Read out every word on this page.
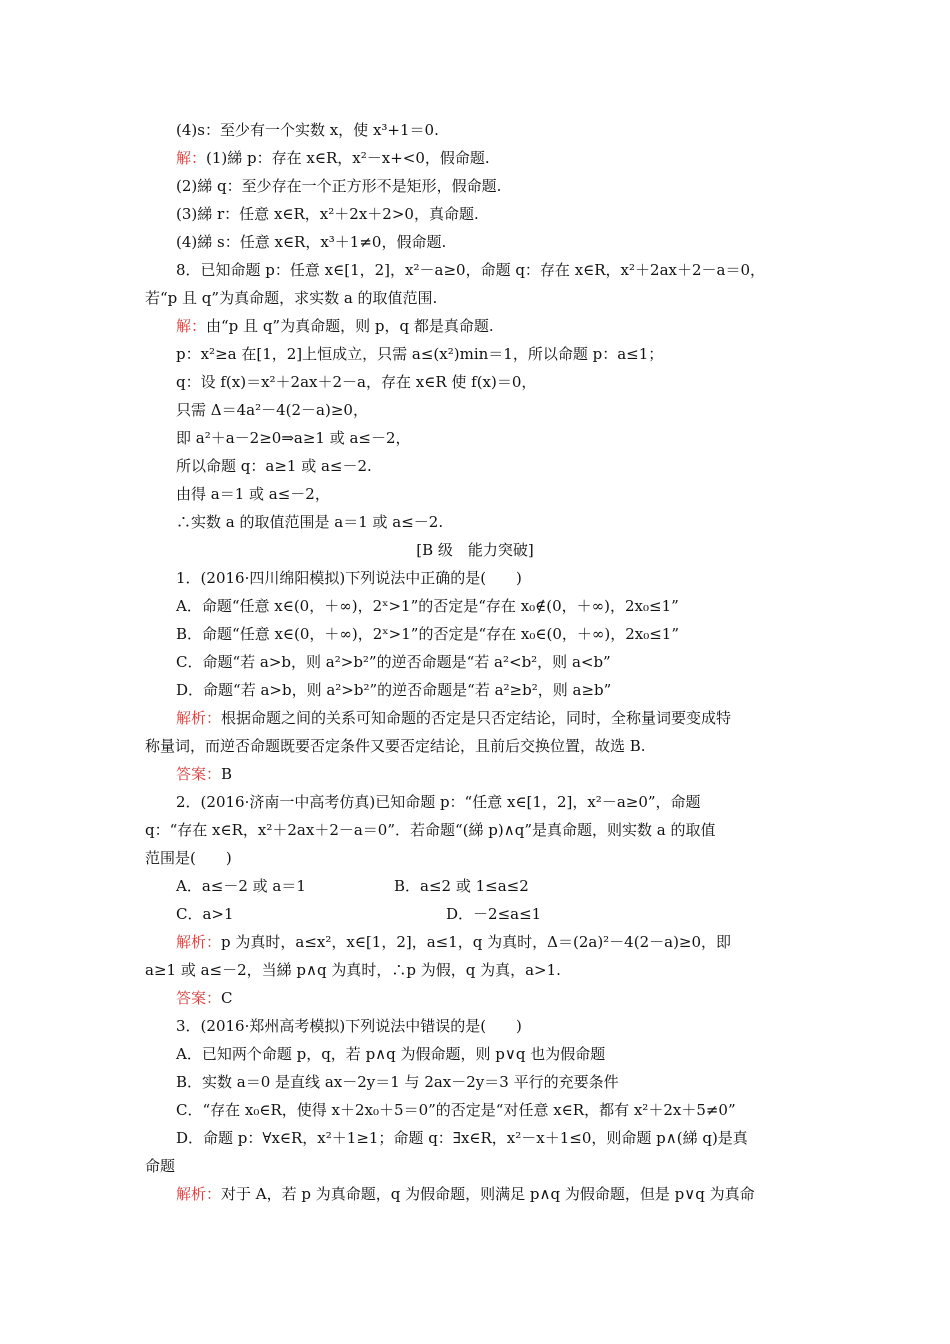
(4)s：至少有一个实数 x，使 x³+1＝0.
解：(1)綈 p：存在 x∈R，x²－x+<0，假命题.
(2)綈 q：至少存在一个正方形不是矩形，假命题.
(3)綈 r：任意 x∈R，x²＋2x＋2>0，真命题.
(4)綈 s：任意 x∈R，x³＋1≠0，假命题.
8．已知命题 p：任意 x∈[1，2]，x²－a≥0，命题 q：存在 x∈R，x²＋2ax＋2－a＝0，
若“p 且 q”为真命题，求实数 a 的取值范围.
解：由“p 且 q”为真命题，则 p，q 都是真命题.
p：x²≥a 在[1，2]上恒成立，只需 a≤(x²)min＝1，所以命题 p：a≤1；
q：设 f(x)＝x²＋2ax＋2－a，存在 x∈R 使 f(x)＝0，
只需 Δ＝4a²－4(2－a)≥0，
即 a²＋a－2≥0⇒a≥1 或 a≤－2，
所以命题 q：a≥1 或 a≤－2.
由得 a＝1 或 a≤－2，
∴实数 a 的取值范围是 a＝1 或 a≤－2.
[B 级　能力突破]
1．(2016·四川绵阳模拟)下列说法中正确的是(　　)
A．命题“任意 x∈(0，＋∞)，2ˣ>1”的否定是“存在 x₀∉(0，＋∞)，2x₀≤1”
B．命题“任意 x∈(0，＋∞)，2ˣ>1”的否定是“存在 x₀∈(0，＋∞)，2x₀≤1”
C．命题“若 a>b，则 a²>b²”的逆否命题是“若 a²<b²，则 a<b”
D．命题“若 a>b，则 a²>b²”的逆否命题是“若 a²≥b²，则 a≥b”
解析：根据命题之间的关系可知命题的否定是只否定结论，同时，全称量词要变成特
称量词，而逆否命题既要否定条件又要否定结论，且前后交换位置，故选 B.
答案：B
2．(2016·济南一中高考仿真)已知命题 p：“任意 x∈[1，2]，x²－a≥0”，命题
q：“存在 x∈R，x²＋2ax＋2－a＝0”．若命题“(綈 p)∧q”是真命题，则实数 a 的取值
范围是(　　)
A．a≤－2 或 a＝1	B．a≤2 或 1≤a≤2
C．a>1	D．－2≤a≤1
解析：p 为真时，a≤x²，x∈[1，2]，a≤1，q 为真时，Δ＝(2a)²－4(2－a)≥0，即
a≥1 或 a≤－2，当綈 p∧q 为真时，∴p 为假，q 为真，a>1.
答案：C
3．(2016·郑州高考模拟)下列说法中错误的是(　　)
A．已知两个命题 p，q，若 p∧q 为假命题，则 p∨q 也为假命题
B．实数 a＝0 是直线 ax－2y＝1 与 2ax－2y＝3 平行的充要条件
C．“存在 x₀∈R，使得 x＋2x₀＋5＝0”的否定是“对任意 x∈R，都有 x²＋2x＋5≠0”
D．命题 p：∀x∈R，x²＋1≥1；命题 q：∃x∈R，x²－x＋1≤0，则命题 p∧(綈 q)是真
命题
解析：对于 A，若 p 为真命题，q 为假命题，则满足 p∧q 为假命题，但是 p∨q 为真命
